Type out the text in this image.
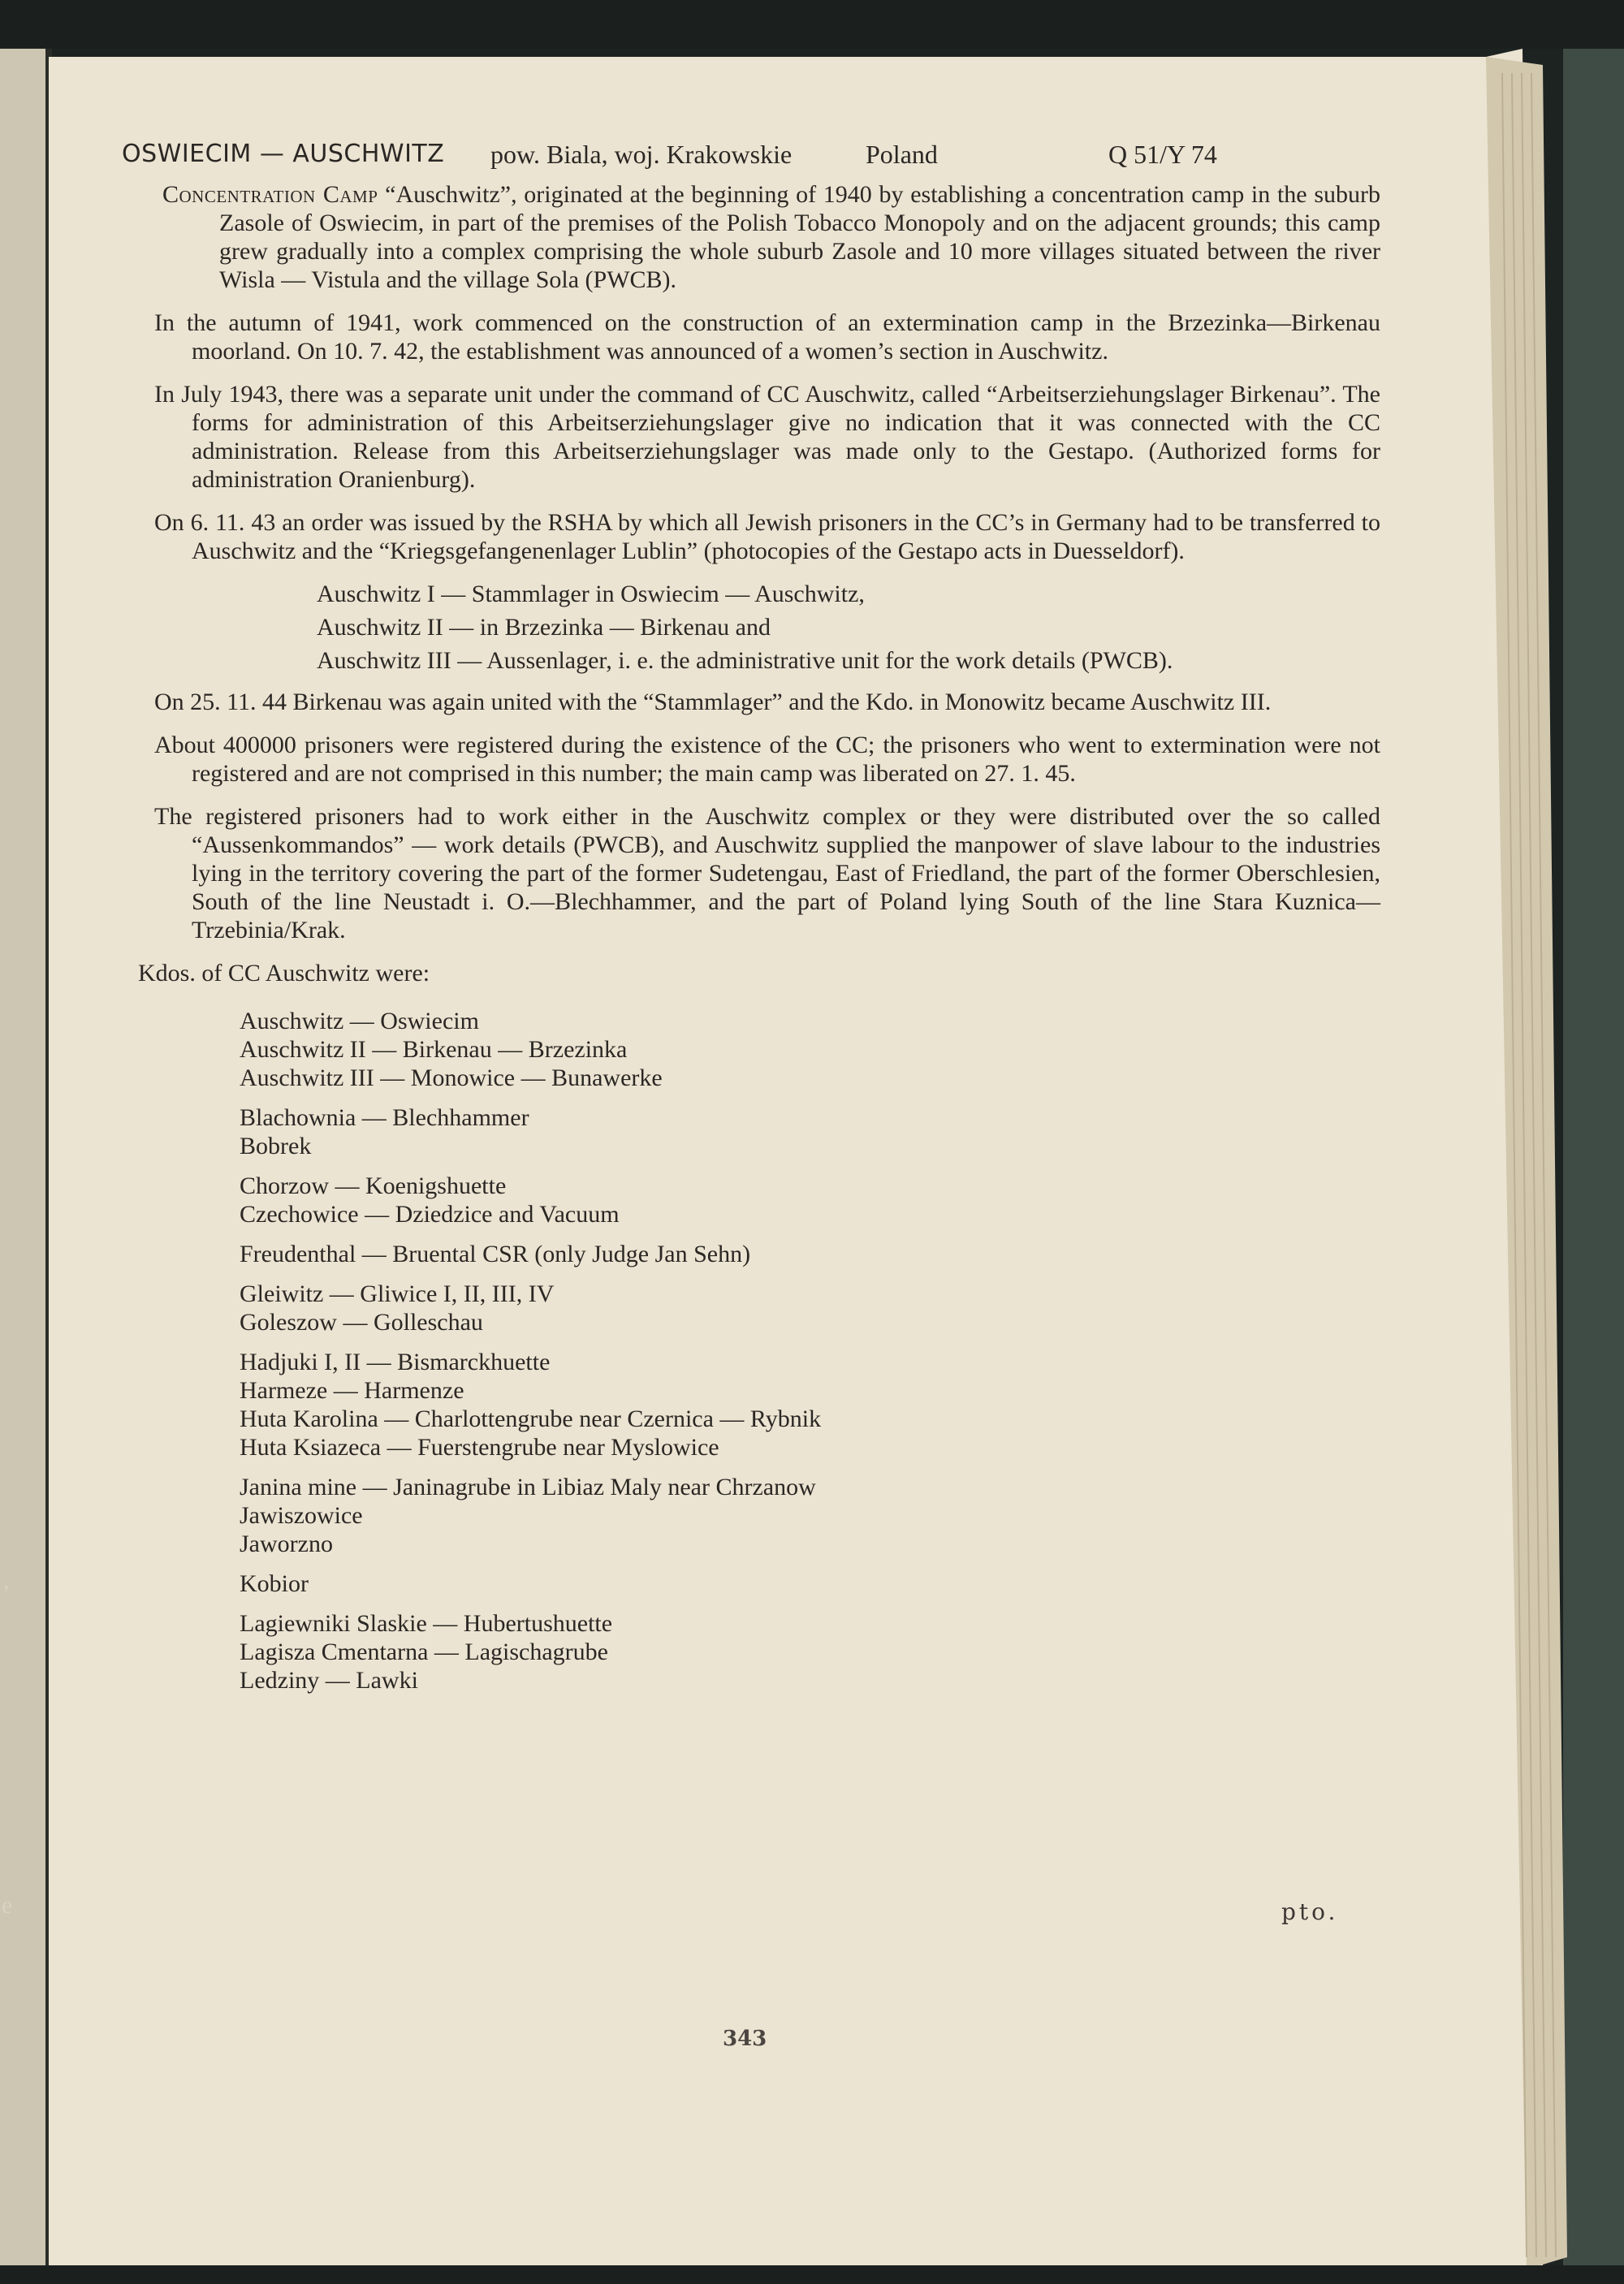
,
e
OSWIECIM — AUSCHWITZ pow. Biala, woj. Krakowskie	Poland	Q 51/Y 74

Concentration Camp “Auschwitz”, originated at the beginning of 1940 by establishing a concentration camp in the suburb Zasole of Oswiecim, in part of the premises of the Polish Tobacco Monopoly and on the adjacent grounds; this camp grew gradually into a complex comprising the whole suburb Zasole and 10 more villages situated between the river Wisla — Vistula and the village Sola (PWCB).

In the autumn of 1941, work commenced on the construction of an extermination camp in the Brzezinka—Birkenau moorland. On 10. 7. 42, the establishment was announced of a women’s section in Auschwitz.

In July 1943, there was a separate unit under the command of CC Auschwitz, called “Arbeitserziehungslager Birkenau”. The forms for administration of this Arbeitserziehungslager give no indication that it was connected with the CC administration. Release from this Arbeitserziehungslager was made only to the Gestapo. (Authorized forms for administration Oranienburg).

On 6. 11. 43 an order was issued by the RSHA by which all Jewish prisoners in the CC’s in Germany had to be transferred to Auschwitz and the “Kriegsgefangenenlager Lublin” (photocopies of the Gestapo acts in Duesseldorf).

Auschwitz I — Stammlager in Oswiecim — Auschwitz,
Auschwitz II — in Brzezinka — Birkenau and
Auschwitz III — Aussenlager, i. e. the administrative unit for the work details (PWCB).

On 25. 11. 44 Birkenau was again united with the “Stammlager” and the Kdo. in Monowitz became Auschwitz III.

About 400000 prisoners were registered during the existence of the CC; the prisoners who went to extermination were not registered and are not comprised in this number; the main camp was liberated on 27. 1. 45.

The registered prisoners had to work either in the Auschwitz complex or they were distributed over the so called “Aussenkommandos” — work details (PWCB), and Auschwitz supplied the manpower of slave labour to the industries lying in the territory covering the part of the former Sudetengau, East of Friedland, the part of the former Oberschlesien, South of the line Neustadt i. O.—Blechhammer, and the part of Poland lying South of the line Stara Kuznica—Trzebinia/Krak.

Kdos. of CC Auschwitz were:
Auschwitz — Oswiecim
Auschwitz II — Birkenau — Brzezinka
Auschwitz III — Monowice — Bunawerke
Blachownia — Blechhammer
Bobrek
Chorzow — Koenigshuette
Czechowice — Dziedzice and Vacuum
Freudenthal — Bruental CSR (only Judge Jan Sehn)
Gleiwitz — Gliwice I, II, III, IV
Goleszow — Golleschau
Hadjuki I, II — Bismarckhuette
Harmeze — Harmenze
Huta Karolina — Charlottengrube near Czernica — Rybnik
Huta Ksiazeca — Fuerstengrube near Myslowice
Janina mine — Janinagrube in Libiaz Maly near Chrzanow
Jawiszowice
Jaworzno
Kobior
Lagiewniki Slaskie — Hubertushuette
Lagisza Cmentarna — Lagischagrube
Ledziny — Lawki
pto.
343
